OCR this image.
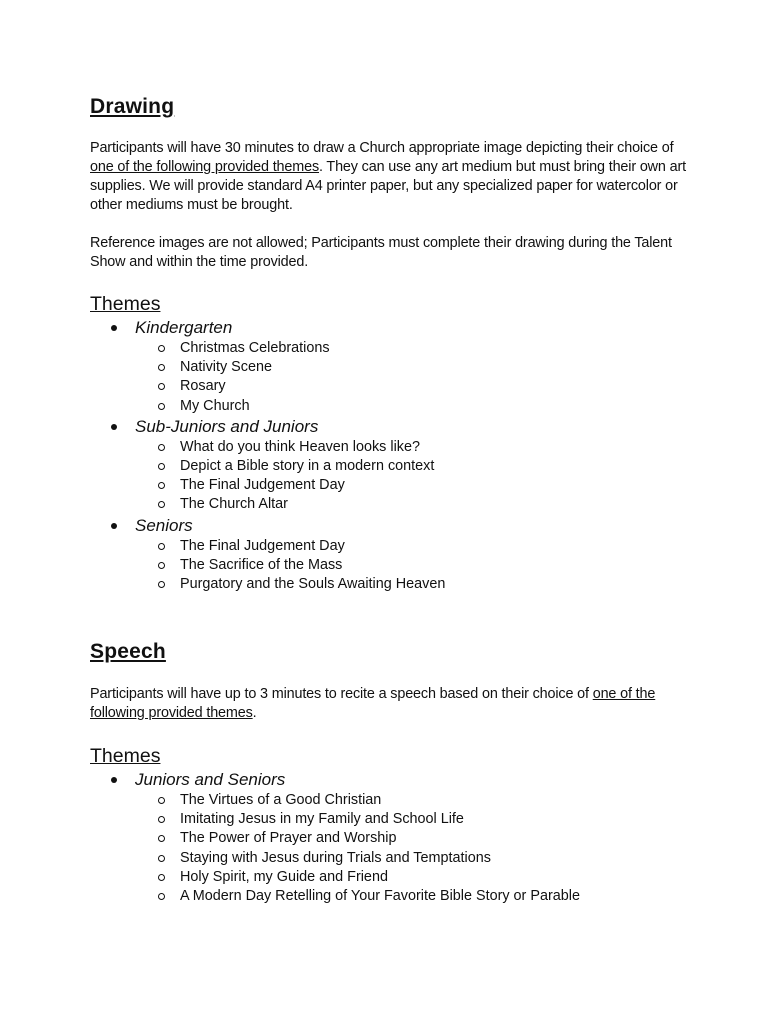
Drawing

Participants will have 30 minutes to draw a Church appropriate image depicting their choice of one of the following provided themes. They can use any art medium but must bring their own art supplies. We will provide standard A4 printer paper, but any specialized paper for watercolor or other mediums must be brought.

Reference images are not allowed; Participants must complete their drawing during the Talent Show and within the time provided.

Themes
Kindergarten
Christmas Celebrations
Nativity Scene
Rosary
My Church
Sub-Juniors and Juniors
What do you think Heaven looks like?
Depict a Bible story in a modern context
The Final Judgement Day
The Church Altar
Seniors
The Final Judgement Day
The Sacrifice of the Mass
Purgatory and the Souls Awaiting Heaven
Speech

Participants will have up to 3 minutes to recite a speech based on their choice of one of the following provided themes.

Themes
Juniors and Seniors
The Virtues of a Good Christian
Imitating Jesus in my Family and School Life
The Power of Prayer and Worship
Staying with Jesus during Trials and Temptations
Holy Spirit, my Guide and Friend
A Modern Day Retelling of Your Favorite Bible Story or Parable
